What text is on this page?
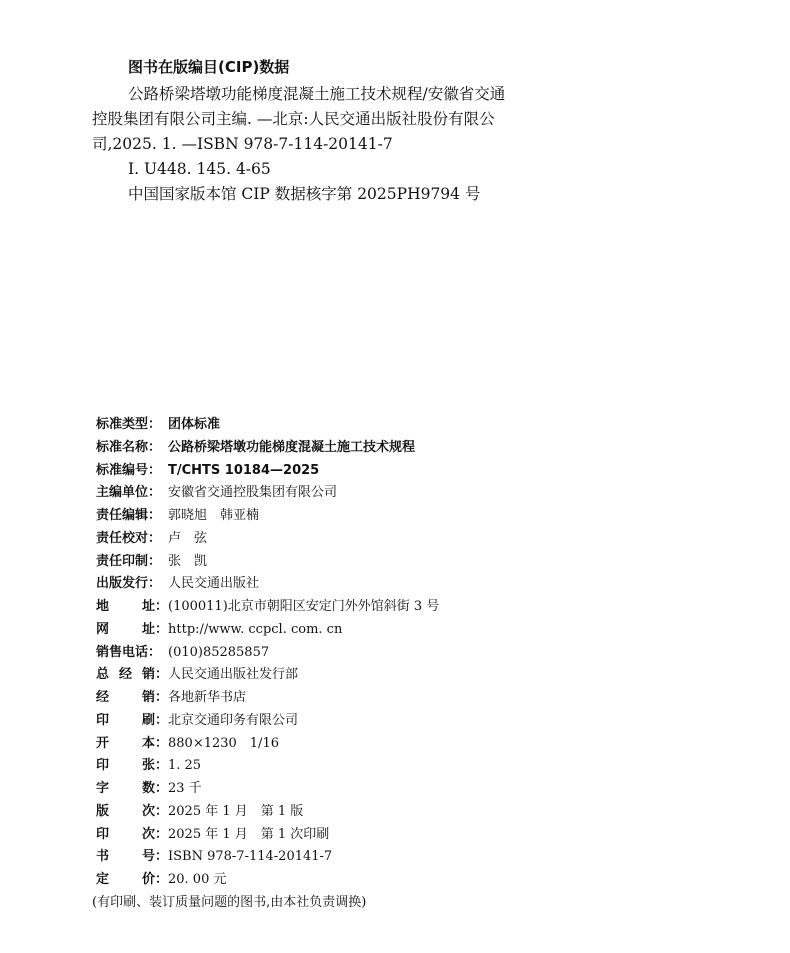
图书在版编目(CIP)数据

公路桥梁塔墩功能梯度混凝土施工技术规程/安徽省交通控股集团有限公司主编. —北京:人民交通出版社股份有限公司,2025. 1. —ISBN 978-7-114-20141-7

Ⅰ. U448. 145. 4-65
中国国家版本馆 CIP 数据核字第 2025PH9794 号
标准类型： 团体标准
标准名称： 公路桥梁塔墩功能梯度混凝土施工技术规程
标准编号： T/CHTS 10184—2025
主编单位： 安徽省交通控股集团有限公司
责任编辑： 郭晓旭　韩亚楠
责任校对： 卢　弦
责任印制： 张　凯
出版发行： 人民交通出版社
地	址： (100011)北京市朝阳区安定门外外馆斜街 3 号
网	址： http://www. ccpcl. com. cn
销售电话： (010)85285857
总 经 销： 人民交通出版社发行部
经	销： 各地新华书店
印	刷： 北京交通印务有限公司
开	本： 880×1230　1/16
印	张： 1. 25
字	数： 23 千
版	次： 2025 年 1 月　第 1 版
印	次： 2025 年 1 月　第 1 次印刷
书	号： ISBN 978-7-114-20141-7
定	价： 20. 00 元
(有印刷、装订质量问题的图书,由本社负责调换)
